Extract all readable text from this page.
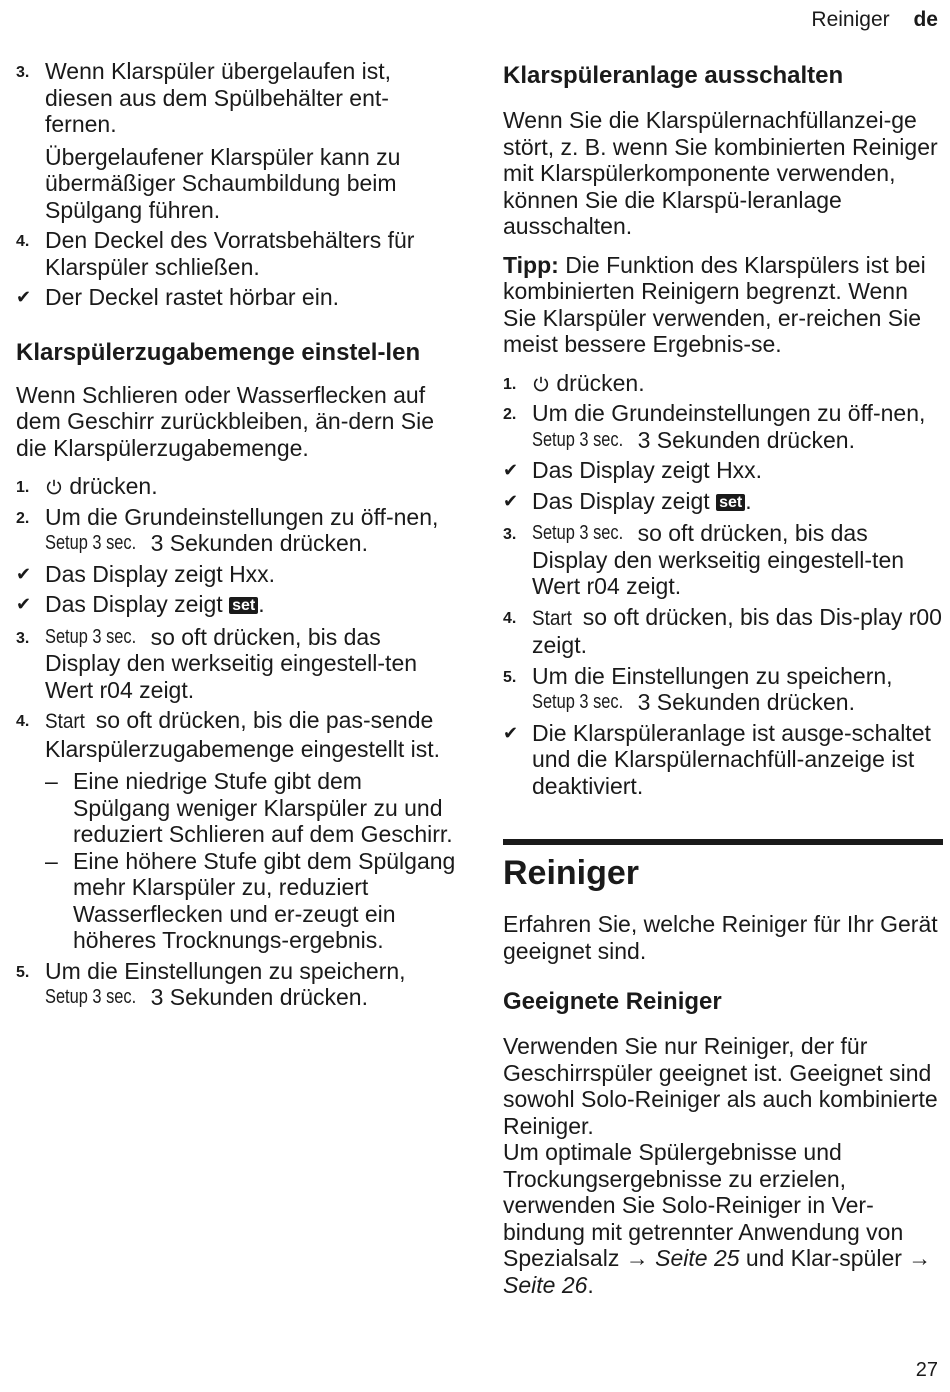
Reiniger de
3. Wenn Klarspüler übergelaufen ist, diesen aus dem Spülbehälter ent-fernen.
Übergelaufener Klarspüler kann zu übermäßiger Schaumbildung beim Spülgang führen.
4. Den Deckel des Vorratsbehälters für Klarspüler schließen.
✔ Der Deckel rastet hörbar ein.
Klarspülerzugabemenge einstel-len

Wenn Schlieren oder Wasserflecken auf dem Geschirr zurückbleiben, än-dern Sie die Klarspülerzugabemenge.

1. drücken.
2. Um die Grundeinstellungen zu öff-nen, Setup 3 sec. 3 Sekunden drücken.
✔ Das Display zeigt Hxx.
✔ Das Display zeigt set .
3. Setup 3 sec. so oft drücken, bis das Display den werkseitig eingestell-ten Wert r04 zeigt.
4. Start so oft drücken, bis die pas-sende Klarspülerzugabemenge eingestellt ist.
– Eine niedrige Stufe gibt dem Spülgang weniger Klarspüler zu und reduziert Schlieren auf dem Geschirr.
– Eine höhere Stufe gibt dem Spülgang mehr Klarspüler zu, reduziert Wasserflecken und er-zeugt ein höheres Trocknungs-ergebnis.
5. Um die Einstellungen zu speichern, Setup 3 sec. 3 Sekunden drücken.
Klarspüleranlage ausschalten

Wenn Sie die Klarspülernachfüllanzei-ge stört, z. B. wenn Sie kombinierten Reiniger mit Klarspülerkomponente verwenden, können Sie die Klarspü-leranlage ausschalten.

Tipp: Die Funktion des Klarspülers ist bei kombinierten Reinigern begrenzt. Wenn Sie Klarspüler verwenden, er-reichen Sie meist bessere Ergebnis-se.

1. drücken.
2. Um die Grundeinstellungen zu öff-nen, Setup 3 sec. 3 Sekunden drücken.
✔ Das Display zeigt Hxx.
✔ Das Display zeigt set .
3. Setup 3 sec. so oft drücken, bis das Display den werkseitig eingestell-ten Wert r04 zeigt.
4. Start so oft drücken, bis das Dis-play r00 zeigt.
5. Um die Einstellungen zu speichern, Setup 3 sec. 3 Sekunden drücken.
✔ Die Klarspüleranlage ist ausge-schaltet und die Klarspülernachfüll-anzeige ist deaktiviert.
Reiniger

Erfahren Sie, welche Reiniger für Ihr Gerät geeignet sind.

Geeignete Reiniger

Verwenden Sie nur Reiniger, der für Geschirrspüler geeignet ist. Geeignet sind sowohl Solo-Reiniger als auch kombinierte Reiniger.

Um optimale Spülergebnisse und Trockungsergebnisse zu erzielen, verwenden Sie Solo-Reiniger in Ver-bindung mit getrennter Anwendung von Spezialsalz → Seite 25 und Klar-spüler → Seite 26.

27
